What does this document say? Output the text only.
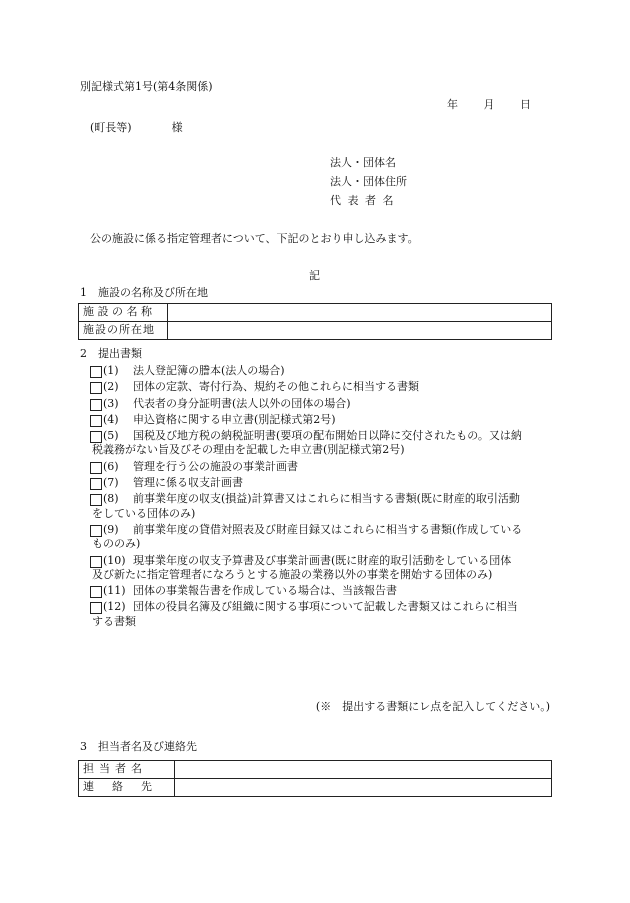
別記様式第1号(第4条関係)
年 月 日
(町長等)	様
法人・団体名
法人・団体住所
代表者名
公の施設に係る指定管理者について、下記のとおり申し込みます。
記
1　施設の名称及び所在地
施設の名称	
施設の所在地	
2　提出書類
(1)	法人登記簿の謄本(法人の場合)
(2)	団体の定款、寄付行為、規約その他これらに相当する書類
(3)	代表者の身分証明書(法人以外の団体の場合)
(4)	申込資格に関する申立書(別記様式第2号)
(5)	国税及び地方税の納税証明書(要項の配布開始日以降に交付されたもの。又は納
税義務がない旨及びその理由を記載した申立書(別記様式第2号)
(6)	管理を行う公の施設の事業計画書
(7)	管理に係る収支計画書
(8)	前事業年度の収支(損益)計算書又はこれらに相当する書類(既に財産的取引活動
をしている団体のみ)
(9)	前事業年度の貸借対照表及び財産目録又はこれらに相当する書類(作成している
もののみ)
(10) 現事業年度の収支予算書及び事業計画書(既に財産的取引活動をしている団体
及び新たに指定管理者になろうとする施設の業務以外の事業を開始する団体のみ)
(11) 団体の事業報告書を作成している場合は、当該報告書
(12) 団体の役員名簿及び組織に関する事項について記載した書類又はこれらに相当
する書類
(※　提出する書類にレ点を記入してください。)
3　担当者名及び連絡先
担当者名	
連絡先	
